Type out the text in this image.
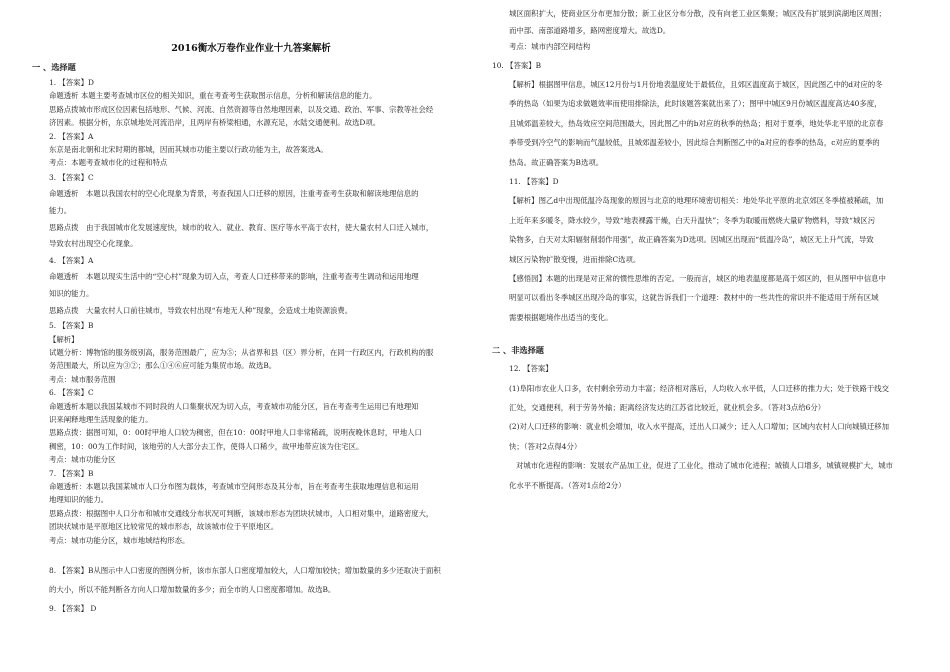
2016衡水万卷作业作业十九答案解析
一 、选择题
1. 【答案】D
命题透析 本题主要考查城市区位的相关知识，重在考查考生获取图示信息，分析和解读信息的能力。
思路点拨城市形成区位因素包括地形、气候、河流、自然资源等自然地理因素，以及交通、政治、军事、宗教等社会经
济因素。根据分析，东京城地处河流沿岸，且两岸有桥梁相通，水源充足，水陆交通便利。故选D项。
2. 【答案】A
东京是南北朝和北宋时期的都城，因而其城市功能主要以行政功能为主，故答案选A。
考点：本题考查城市化的过程和特点
3. 【答案】C
命题透析　本题以我国农村的空心化现象为背景，考查我国人口迁移的原因，注重考查考生获取和解读地理信息的
能力。
思路点拨　由于我国城市化发展速度快，城市的收入、就业、教育、医疗等水平高于农村，使大量农村人口迁入城市，
导致农村出现空心化现象。
4. 【答案】A
命题透析　本题以现实生活中的“空心村”现象为切入点，考查人口迁移带来的影响，注重考查考生调动和运用地理
知识的能力。
思路点拨　大量农村人口前往城市，导致农村出现“有地无人种”现象，会造成土地资源浪费。
5. 【答案】B
【解析】
试题分析：博物馆的服务级别高，服务范围最广，应为⑤；从省界和县（区）界分析，在同一行政区内，行政机构的服
务范围最大，所以应为③②；那么①④⑥应可能为集贸市场。故选B。
考点：城市服务范围
6. 【答案】C
命题透析本题以我国某城市不同时段的人口集聚状况为切入点，考查城市功能分区，旨在考查考生运用已有地理知
识来阐释地理生活现象的能力。
思路点拨：据图可知，0：00时甲地人口较为稠密，但在10：00时甲地人口非常稀疏，说明夜晚休息时，甲地人口
稠密，10：00为工作时间，该地劳的人大部分去工作，使得人口稀少，故甲地带应该为住宅区。
考点：城市功能分区
7. 【答案】B
命题透析：本题以我国某城市人口分布图为载体，考查城市空间形态及其分布，旨在考查考生获取地理信息和运用
地理知识的能力。
思路点拨：根据图中人口分布和城市交通线分布状况可判断，该城市形态为团块状城市，人口相对集中，道路密度大，
团块状城市是平原地区比较常见的城市形态，故该城市位于平原地区。
考点：城市功能分区，城市地域结构形态。
8. 【答案】B从图示中人口密度的图例分析，该市东部人口密度增加较大，人口增加较快；增加数量的多少还取决于面积
的大小，所以不能判断各方向人口增加数量的多少；而全市的人口密度都增加。故选B。
9. 【答案】 D
城区面积扩大，使商业区分布更加分散；新工业区分布分散，没有向老工业区集聚；城区没有扩展到滨湖地区周围；
而中部、南部道路增多，路网密度增大。故选D。
考点：城市内部空间结构
10. 【答案】B
【解析】根据图甲信息，城区12月份与1月份地表温度处于最低位，且郊区温度高于城区，因此图乙中的d对应的冬
季的热岛（如果为追求做题效率而使用排除法，此时该题答案就出来了）；图甲中城区9月份城区温度高达40多度，
且城郊温差较大，热岛效应空间范围最大，因此图乙中的b对应的秋季的热岛；相对于夏季，地处华北平原的北京春
季带受到冷空气的影响而气温较低，且城郊温差较小，因此综合判断图乙中的a对应的春季的热岛，c对应的夏季的
热岛。故正确答案为B选项。
11. 【答案】D
【解析】图乙d中出现低温冷岛现象的原因与北京的地理环境密切相关：地处华北平原的北京郊区冬季植被稀疏，加
上近年来多暖冬，降水较少，导致“地表裸露干燥，白天升温快”；冬季为取暖而燃烧大量矿物燃料，导致“城区污
染物多，白天对太阳辐射削弱作用强”，故正确答案为D选项。因城区出现而“低温冷岛”，城区无上升气流，导致
城区污染物扩散变慢，进而排除C选项。
【感悟园】本题的出现是对正常的惯性思维的否定。一般而言，城区的地表温度都是高于郊区的，但从图甲中信息中
明显可以看出冬季城区出现冷岛的事实，这就告诉我们一个道理：教材中的一些共性的常识并不能适用于所有区域
需要根据题境作出适当的变化。
二 、非选择题
12. 【答案】
(1)阜阳市农业人口多，农村剩余劳动力丰富；经济相对落后，人均收入水平低，人口迁移的推力大；处于铁路干线交
汇处，交通便利，利于劳务外输；距离经济发达的江苏省比较近，就业机会多。（答对3点给6分）
(2)对人口迁移的影响：就业机会增加，收入水平提高，迁出人口减少；迁入人口增加；区域内农村人口向城镇迁移加
快；（答对2点得4分）
对城市化进程的影响：发展农产品加工业，促进了工业化，推动了城市化进程；城镇人口增多，城镇规模扩大，城市
化水平不断提高。（答对1点给2分）
